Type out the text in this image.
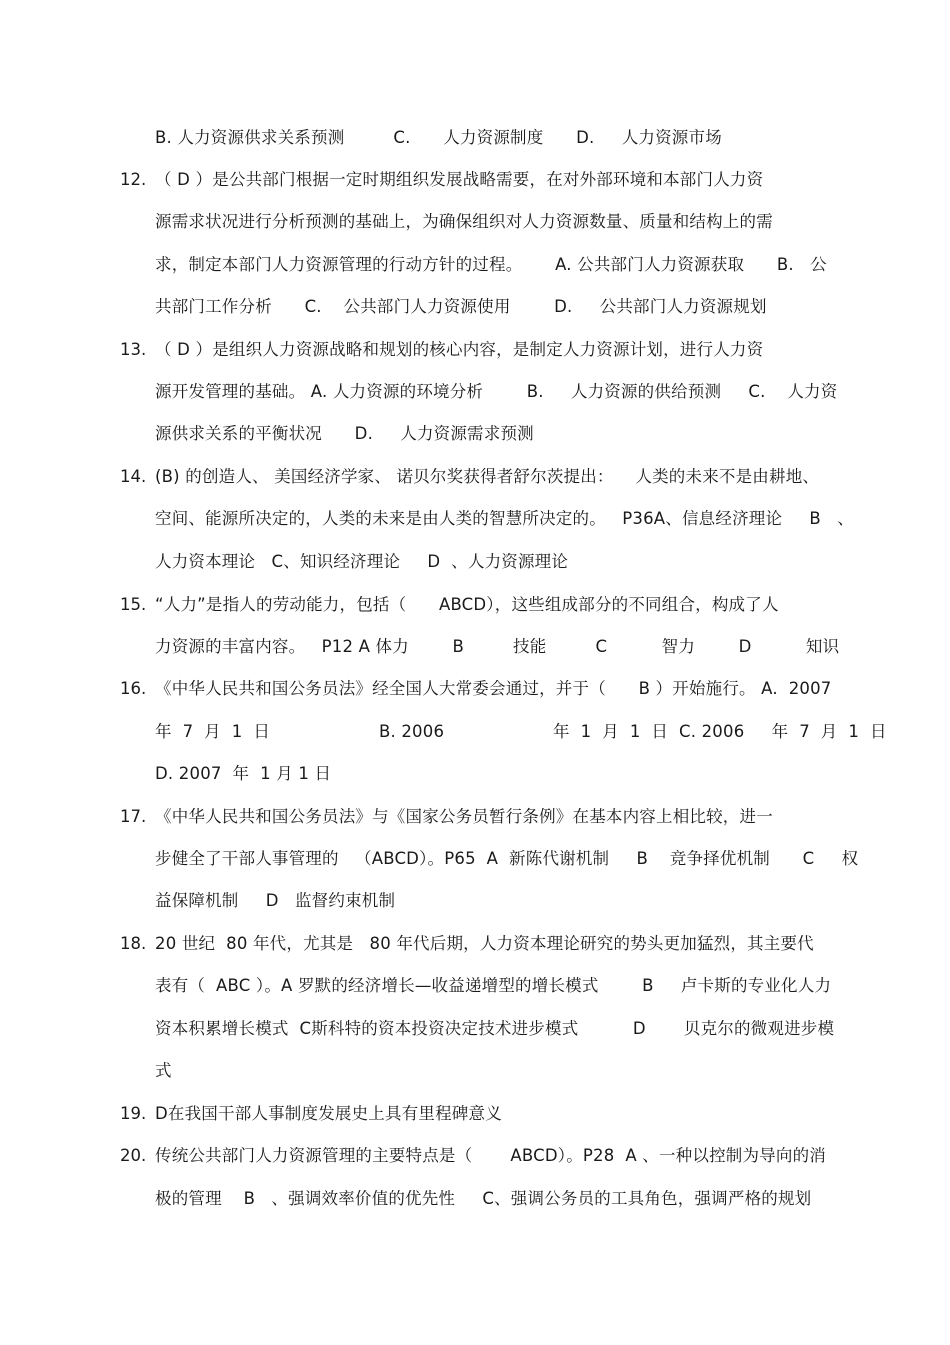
B. 人力资源供求关系预测         C.      人力资源制度      D.     人力资源市场
12. （ D ）是公共部门根据一定时期组织发展战略需要，在对外部环境和本部门人力资
源需求状况进行分析预测的基础上，为确保组织对人力资源数量、质量和结构上的需
求，制定本部门人力资源管理的行动方针的过程。      A. 公共部门人力资源获取      B.   公
共部门工作分析      C.    公共部门人力资源使用        D.     公共部门人力资源规划
13. （ D ）是组织人力资源战略和规划的核心内容，是制定人力资源计划，进行人力资
源开发管理的基础。 A. 人力资源的环境分析        B.     人力资源的供给预测     C.    人力资
源供求关系的平衡状况      D.     人力资源需求预测
14. (B) 的创造人、 美国经济学家、 诺贝尔奖获得者舒尔茨提出：    人类的未来不是由耕地、
空间、能源所决定的，人类的未来是由人类的智慧所决定的。   P36A、信息经济理论     B   、
人力资本理论   C、知识经济理论     D  、人力资源理论
15. “人力”是指人的劳动能力，包括（      ABCD），这些组成部分的不同组合，构成了人
力资源的丰富内容。   P12 A 体力        B         技能         C          智力        D          知识
16. 《中华人民共和国公务员法》经全国人大常委会通过，并于（      B ）开始施行。 A.  2007
年  7  月  1  日                    B. 2006                    年  1  月  1  日  C. 2006     年  7  月  1  日
D. 2007  年  1 月 1 日
17. 《中华人民共和国公务员法》与《国家公务员暂行条例》在基本内容上相比较，进一
步健全了干部人事管理的   （ABCD）。P65  A  新陈代谢机制     B    竞争择优机制      C     权
益保障机制     D   监督约束机制
18. 20 世纪  80 年代，尤其是   80 年代后期，人力资本理论研究的势头更加猛烈，其主要代
表有（  ABC ）。A 罗默的经济增长—收益递增型的增长模式        B     卢卡斯的专业化人力
资本积累增长模式  C斯科特的资本投资决定技术进步模式          D       贝克尔的微观进步模
式
19. D在我国干部人事制度发展史上具有里程碑意义
20. 传统公共部门人力资源管理的主要特点是（       ABCD）。P28  A 、一种以控制为导向的消
极的管理    B   、强调效率价值的优先性     C、强调公务员的工具角色，强调严格的规划
